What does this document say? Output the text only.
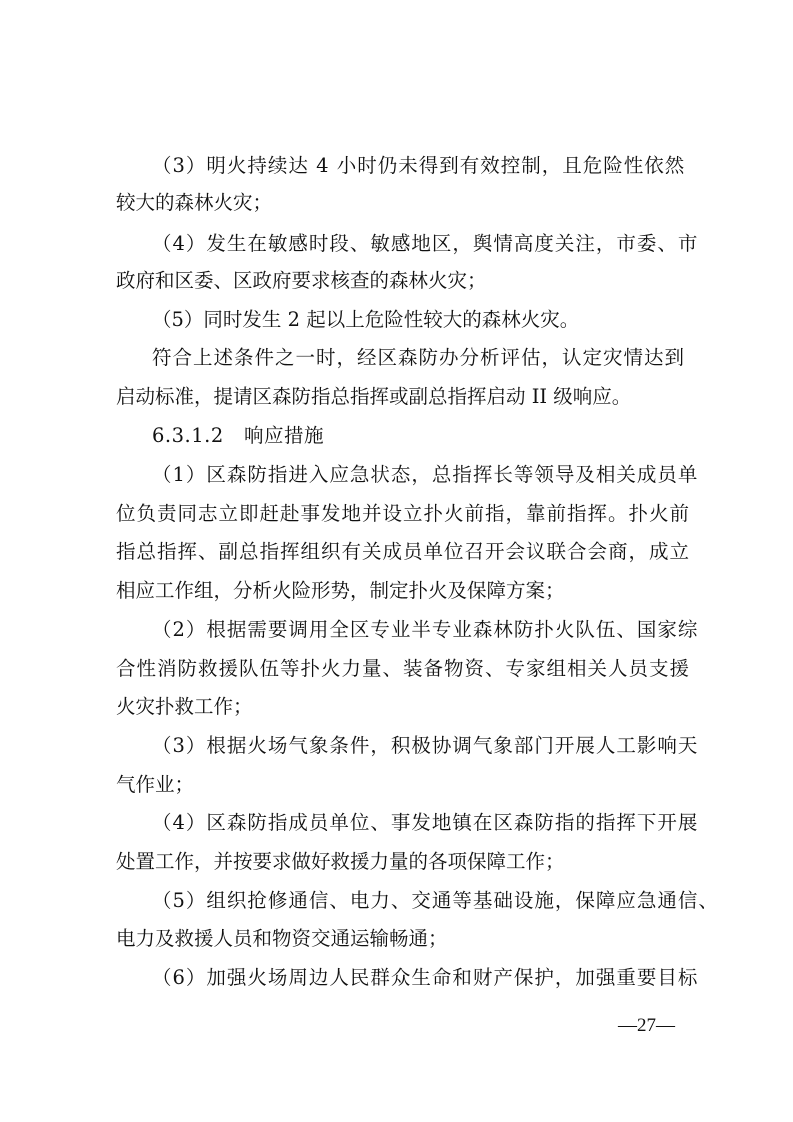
（3）明火持续达 4 小时仍未得到有效控制，且危险性依然
较大的森林火灾；
（4）发生在敏感时段、敏感地区，舆情高度关注，市委、市
政府和区委、区政府要求核查的森林火灾；
（5）同时发生 2 起以上危险性较大的森林火灾。
符合上述条件之一时，经区森防办分析评估，认定灾情达到
启动标准，提请区森防指总指挥或副总指挥启动 II 级响应。
6.3.1.2 响应措施
（1）区森防指进入应急状态，总指挥长等领导及相关成员单
位负责同志立即赶赴事发地并设立扑火前指，靠前指挥。扑火前
指总指挥、副总指挥组织有关成员单位召开会议联合会商，成立
相应工作组，分析火险形势，制定扑火及保障方案；
（2）根据需要调用全区专业半专业森林防扑火队伍、国家综
合性消防救援队伍等扑火力量、装备物资、专家组相关人员支援
火灾扑救工作；
（3）根据火场气象条件，积极协调气象部门开展人工影响天
气作业；
（4）区森防指成员单位、事发地镇在区森防指的指挥下开展
处置工作，并按要求做好救援力量的各项保障工作；
（5）组织抢修通信、电力、交通等基础设施，保障应急通信、
电力及救援人员和物资交通运输畅通；
（6）加强火场周边人民群众生命和财产保护，加强重要目标
—27—
